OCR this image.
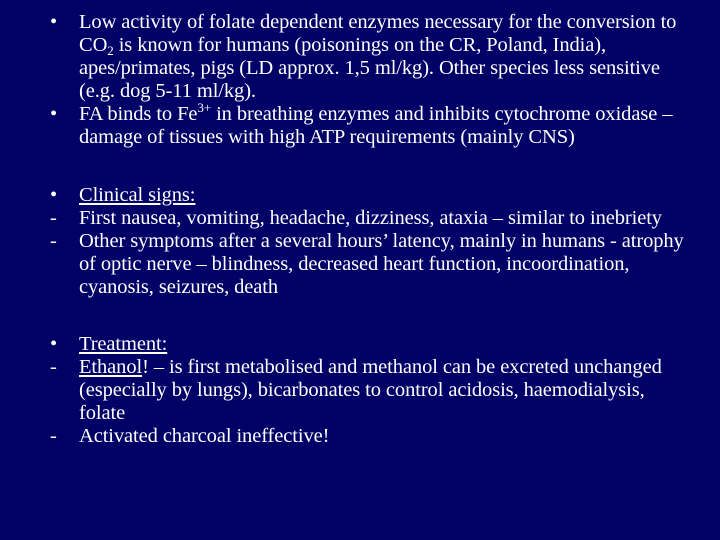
•	Low activity of folate dependent enzymes necessary for the conversion to $CO_2$ is known for humans (poisonings on the CR, Poland, India), apes/primates, pigs (LD approx. 1,5 ml/kg). Other species less sensitive (e.g. dog 5-11 ml/kg).
•	FA binds to $Fe^{3+}$ in breathing enzymes and inhibits cytochrome oxidase – damage of tissues with high ATP requirements (mainly CNS)
•	Clinical signs:
-	First nausea, vomiting, headache, dizziness, ataxia – similar to inebriety
-	Other symptoms after a several hours’ latency, mainly in humans - atrophy of optic nerve – blindness, decreased heart function, incoordination, cyanosis, seizures, death
•	Treatment:
-	Ethanol! – is first metabolised and methanol can be excreted unchanged (especially by lungs), bicarbonates to control acidosis, haemodialysis, folate
-	Activated charcoal ineffective!
